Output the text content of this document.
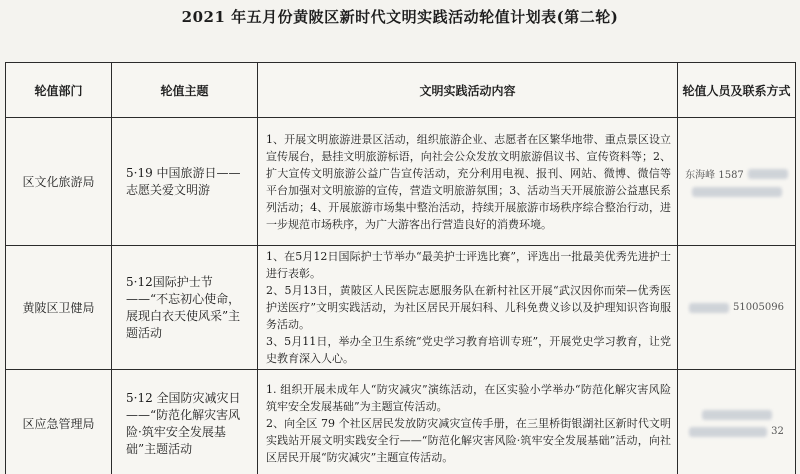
2021 年五月份黄陂区新时代文明实践活动轮值计划表(第二轮)
轮值部门	轮值主题	文明实践活动内容	轮值人员及联系方式
区文化旅游局	5·19 中国旅游日——志愿关爱文明游	1、开展文明旅游进景区活动，组织旅游企业、志愿者在区繁华地带、重点景区设立宣传展台，悬挂文明旅游标语，向社会公众发放文明旅游倡议书、宣传资料等；2、扩大宣传文明旅游公益广告宣传活动，充分利用电视、报刊、网站、微博、微信等平台加强对文明旅游的宣传，营造文明旅游氛围；3、活动当天开展旅游公益惠民系列活动；4、开展旅游市场集中整治活动，持续开展旅游市场秩序综合整治行动，进一步规范市场秩序，为广大游客出行营造良好的消费环境。	东海峰 1587

黄陂区卫健局	5·12国际护士节——“不忘初心使命，展现白衣天使风采”主题活动	1、在5月12日国际护士节举办“最美护士评选比赛”，评选出一批最美优秀先进护士进行表彰。
2、5月13日，黄陂区人民医院志愿服务队在新村社区开展“武汉因你而荣—优秀医护送医疗”文明实践活动，为社区居民开展妇科、儿科免费义诊以及护理知识咨询服务活动。
3、5月11日，举办全卫生系统“党史学习教育培训专班”，开展党史学习教育，让党史教育深入人心。	51005096

区应急管理局	5·12 全国防灾减灾日——“防范化解灾害风险·筑牢安全发展基础”主题活动	1. 组织开展未成年人“防灾减灾”演练活动，在区实验小学举办“防范化解灾害风险 筑牢安全发展基础”为主题宣传活动。
2、向全区 79 个社区居民发放防灾减灾宣传手册，在三里桥街银湖社区新时代文明实践站开展文明实践安全行——“防范化解灾害风险·筑牢安全发展基础”活动，向社区居民开展“防灾减灾”主题宣传活动。	32
